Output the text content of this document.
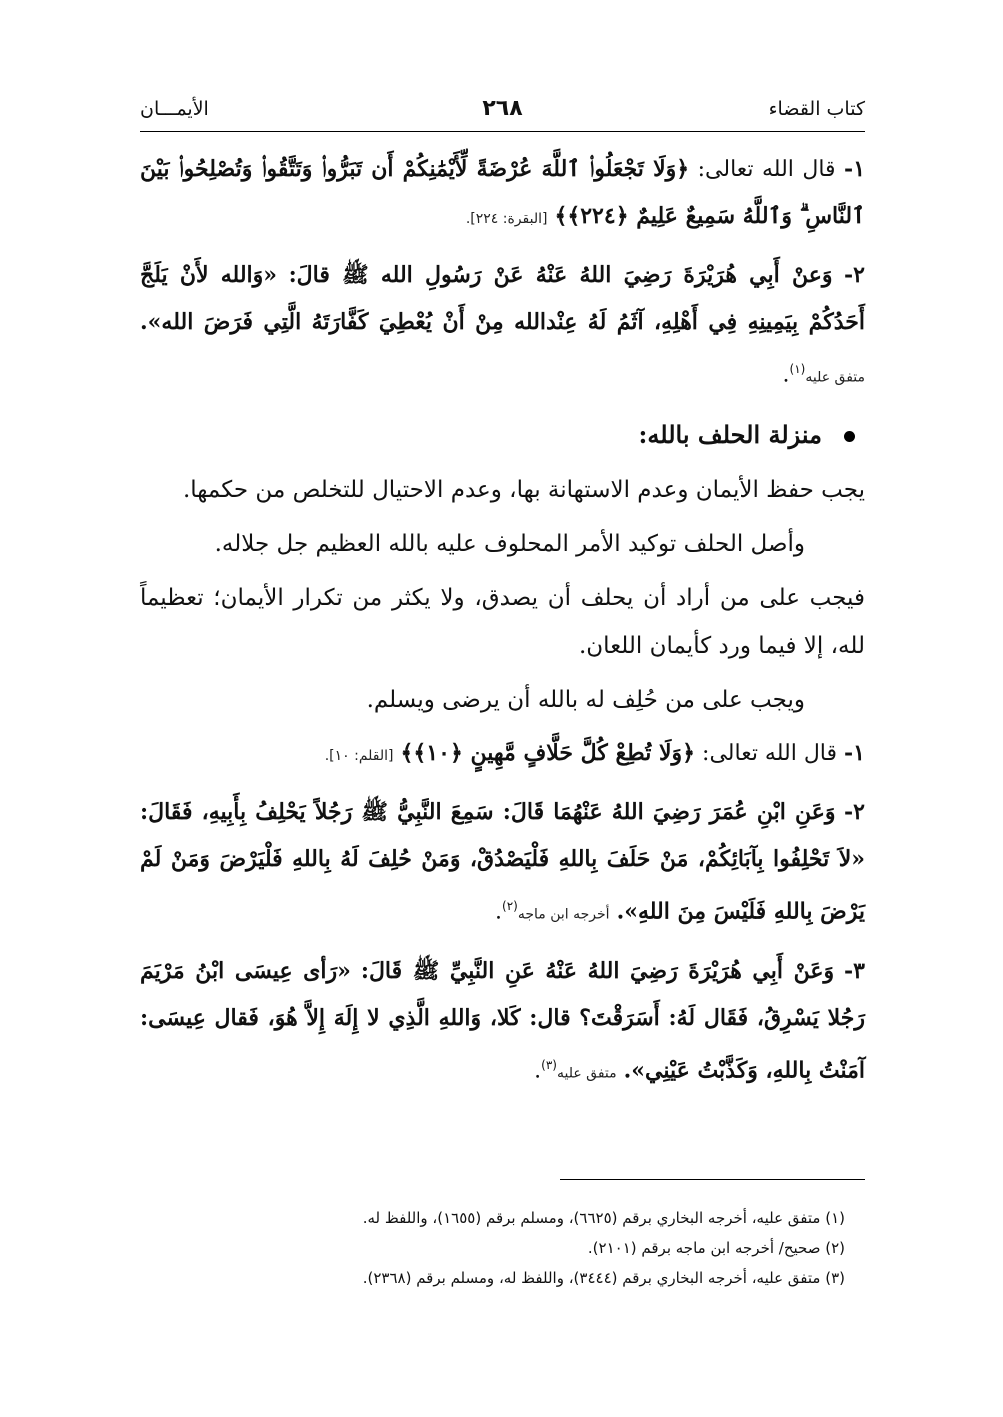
كتاب القضاء
٢٦٨
الأيمـــان

١- قال الله تعالى: ﴿وَلَا تَجْعَلُوا۟ ٱللَّهَ عُرْضَةً لِّأَيْمَٰنِكُمْ أَن تَبَرُّوا۟ وَتَتَّقُوا۟ وَتُصْلِحُوا۟ بَيْنَ ٱلنَّاسِ ۗ وَٱللَّهُ سَمِيعٌ عَلِيمٌ ﴿٢٢٤﴾﴾ [البقرة: ٢٢٤].

٢- وَعنْ أَبِي هُرَيْرَةَ رَضِيَ اللهُ عَنْهُ عَنْ رَسُولِ الله ﷺ قالَ: «وَالله لأَنْ يَلَجَّ أَحَدُكُمْ بِيَمِينِهِ فِي أَهْلِهِ، آثَمُ لَهُ عِنْدالله مِنْ أَنْ يُعْطِيَ كَفَّارَتَهُ الَّتِي فَرَضَ الله». متفق عليه$^{(١)}$.

منزلة الحلف بالله:

يجب حفظ الأيمان وعدم الاستهانة بها، وعدم الاحتيال للتخلص من حكمها.

وأصل الحلف توكيد الأمر المحلوف عليه بالله العظيم جل جلاله.

فيجب على من أراد أن يحلف أن يصدق، ولا يكثر من تكرار الأيمان؛ تعظيماً لله، إلا فيما ورد كأيمان اللعان.

ويجب على من حُلِف له بالله أن يرضى ويسلم.

١- قال الله تعالى: ﴿وَلَا تُطِعْ كُلَّ حَلَّافٍ مَّهِينٍ ﴿١٠﴾﴾ [القلم: ١٠].

٢- وَعَنِ ابْنِ عُمَرَ رَضِيَ اللهُ عَنْهُمَا قَالَ: سَمِعَ النَّبِيُّ ﷺ رَجُلاً يَحْلِفُ بِأَبِيهِ، فَقَالَ: «لاَ تَحْلِفُوا بِآبَائِكُمْ، مَنْ حَلَفَ بِاللهِ فَلْيَصْدُقْ، وَمَنْ حُلِفَ لَهُ بِاللهِ فَلْيَرْضَ وَمَنْ لَمْ يَرْضَ بِاللهِ فَلَيْسَ مِنَ اللهِ». أخرجه ابن ماجه$^{(٢)}$.

٣- وَعَنْ أَبِي هُرَيْرَةَ رَضِيَ اللهُ عَنْهُ عَنِ النَّبِيِّ ﷺ قَالَ: «رَأى عِيسَى ابْنُ مَرْيَمَ رَجُلا يَسْرِقُ، فَقَال لَهُ: أَسَرَقْتَ؟ قال: كَلا، وَاللهِ الَّذِي لا إِلَهَ إِلاَّ هُوَ، فَقال عِيسَى: آمَنْتُ بِاللهِ، وَكَذَّبْتُ عَيْنِي». متفق عليه$^{(٣)}$.

(١) متفق عليه، أخرجه البخاري برقم (٦٦٢٥)، ومسلم برقم (١٦٥٥)، واللفظ له.
(٢) صحيح/ أخرجه ابن ماجه برقم (٢١٠١).
(٣) متفق عليه، أخرجه البخاري برقم (٣٤٤٤)، واللفظ له، ومسلم برقم (٢٣٦٨).
